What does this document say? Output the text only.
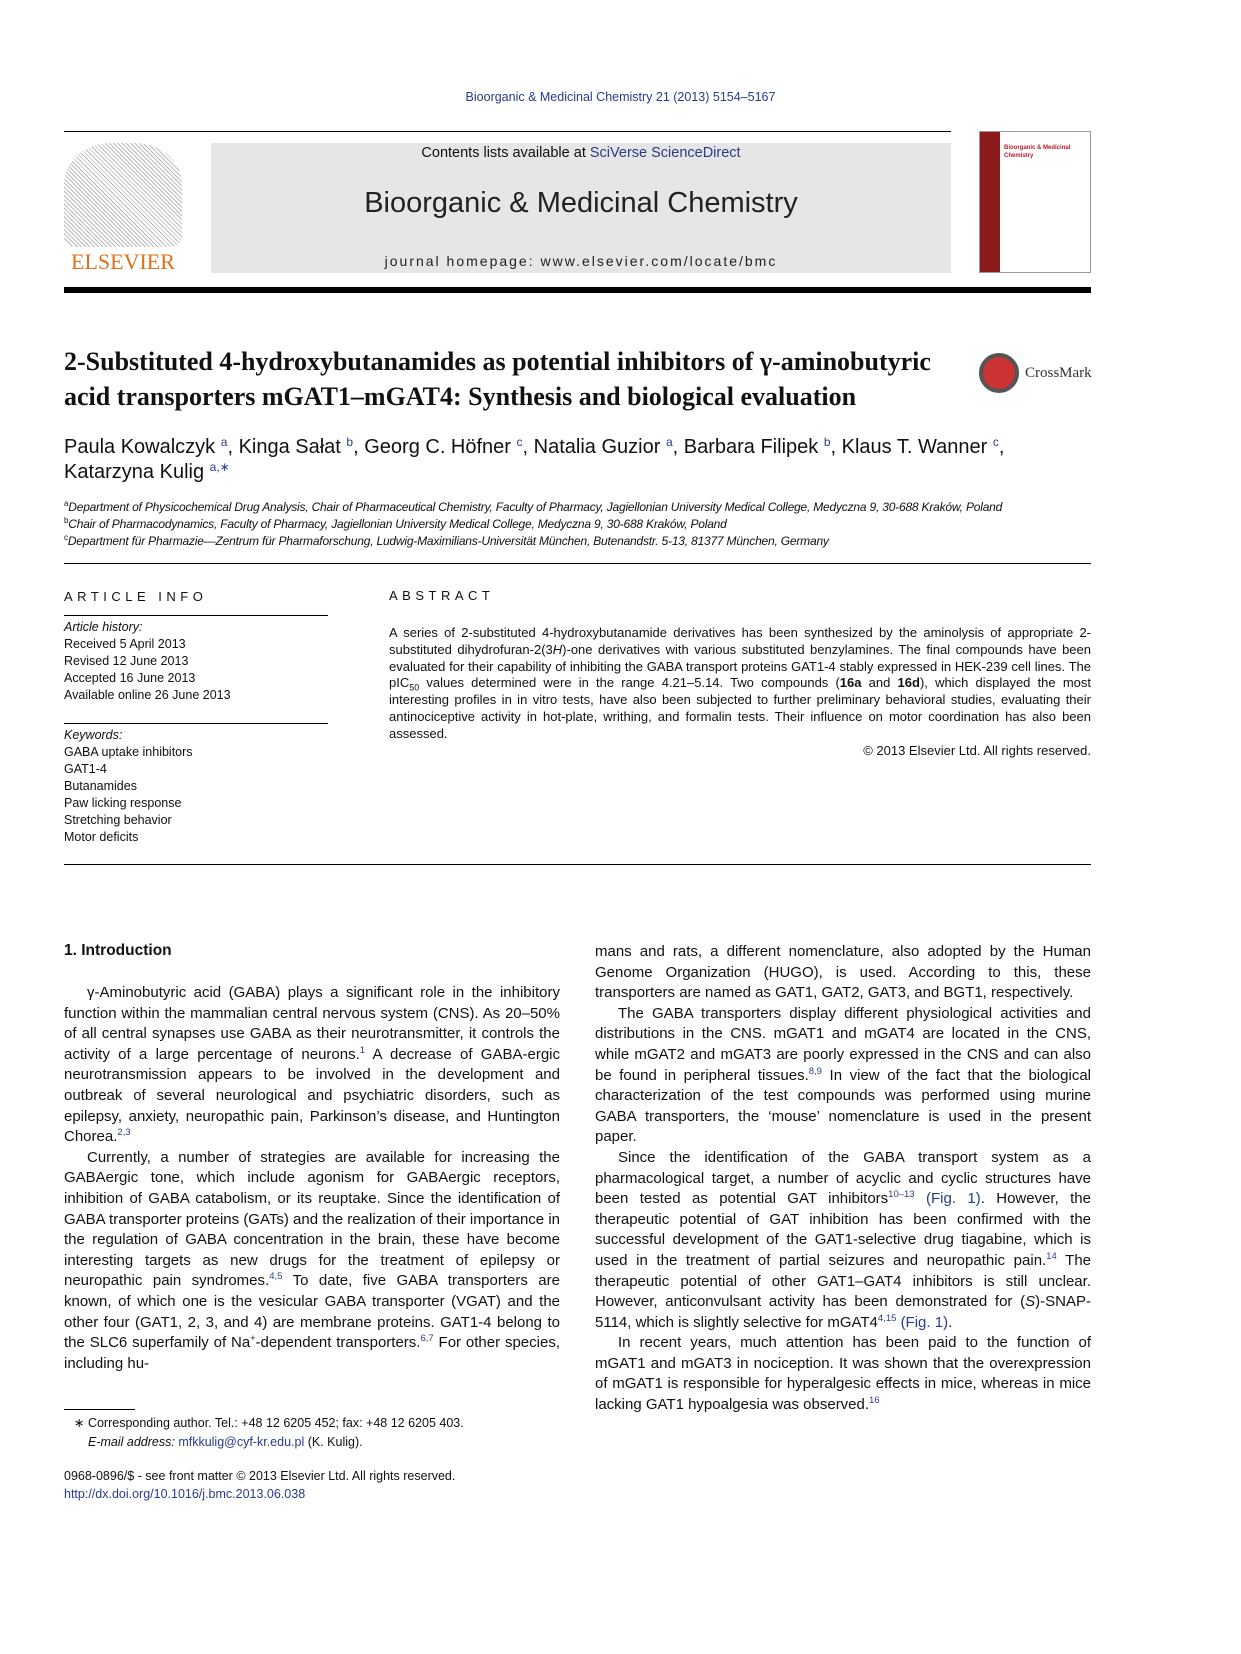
Bioorganic & Medicinal Chemistry 21 (2013) 5154–5167
ELSEVIER
Contents lists available at SciVerse ScienceDirect
Bioorganic & Medicinal Chemistry
journal homepage: www.elsevier.com/locate/bmc
Bioorganic & Medicinal Chemistry
CrossMark
2-Substituted 4-hydroxybutanamides as potential inhibitors of γ-aminobutyric acid transporters mGAT1–mGAT4: Synthesis and biological evaluation
Paula Kowalczyk $^a$, Kinga Sałat $^b$, Georg C. Höfner $^c$, Natalia Guzior $^a$, Barbara Filipek $^b$, Klaus T. Wanner $^c$,
Katarzyna Kulig $^{a,∗}$
$^a$Department of Physicochemical Drug Analysis, Chair of Pharmaceutical Chemistry, Faculty of Pharmacy, Jagiellonian University Medical College, Medyczna 9, 30-688 Kraków, Poland
$^b$Chair of Pharmacodynamics, Faculty of Pharmacy, Jagiellonian University Medical College, Medyczna 9, 30-688 Kraków, Poland
$^c$Department für Pharmazie—Zentrum für Pharmaforschung, Ludwig-Maximilians-Universität München, Butenandstr. 5-13, 81377 München, Germany
ARTICLE INFO
Article history:
Received 5 April 2013
Revised 12 June 2013
Accepted 16 June 2013
Available online 26 June 2013
Keywords:
GABA uptake inhibitors
GAT1-4
Butanamides
Paw licking response
Stretching behavior
Motor deficits
ABSTRACT
A series of 2-substituted 4-hydroxybutanamide derivatives has been synthesized by the aminolysis of appropriate 2-substituted dihydrofuran-2(3H)-one derivatives with various substituted benzylamines. The final compounds have been evaluated for their capability of inhibiting the GABA transport proteins GAT1-4 stably expressed in HEK-239 cell lines. The pIC$_{50}$ values determined were in the range 4.21–5.14. Two compounds (16a and 16d), which displayed the most interesting profiles in in vitro tests, have also been subjected to further preliminary behavioral studies, evaluating their antinociceptive activity in hot-plate, writhing, and formalin tests. Their influence on motor coordination has also been assessed.
© 2013 Elsevier Ltd. All rights reserved.
1. Introduction

γ-Aminobutyric acid (GABA) plays a significant role in the inhibitory function within the mammalian central nervous system (CNS). As 20–50% of all central synapses use GABA as their neurotransmitter, it controls the activity of a large percentage of neurons.$^1$ A decrease of GABA-ergic neurotransmission appears to be involved in the development and outbreak of several neurological and psychiatric disorders, such as epilepsy, anxiety, neuropathic pain, Parkinson’s disease, and Huntington Chorea.$^{2,3}$

Currently, a number of strategies are available for increasing the GABAergic tone, which include agonism for GABAergic receptors, inhibition of GABA catabolism, or its reuptake. Since the identification of GABA transporter proteins (GATs) and the realization of their importance in the regulation of GABA concentration in the brain, these have become interesting targets as new drugs for the treatment of epilepsy or neuropathic pain syndromes.$^{4,5}$ To date, five GABA transporters are known, of which one is the vesicular GABA transporter (VGAT) and the other four (GAT1, 2, 3, and 4) are membrane proteins. GAT1-4 belong to the SLC6 superfamily of Na+-dependent transporters.$^{6,7}$ For other species, including hu-

∗ Corresponding author. Tel.: +48 12 6205 452; fax: +48 12 6205 403.
E-mail address: mfkkulig@cyf-kr.edu.pl (K. Kulig).
0968-0896/$ - see front matter © 2013 Elsevier Ltd. All rights reserved.
http://dx.doi.org/10.1016/j.bmc.2013.06.038

mans and rats, a different nomenclature, also adopted by the Human Genome Organization (HUGO), is used. According to this, these transporters are named as GAT1, GAT2, GAT3, and BGT1, respectively.

The GABA transporters display different physiological activities and distributions in the CNS. mGAT1 and mGAT4 are located in the CNS, while mGAT2 and mGAT3 are poorly expressed in the CNS and can also be found in peripheral tissues.$^{8,9}$ In view of the fact that the biological characterization of the test compounds was performed using murine GABA transporters, the ‘mouse’ nomenclature is used in the present paper.

Since the identification of the GABA transport system as a pharmacological target, a number of acyclic and cyclic structures have been tested as potential GAT inhibitors$^{10-13}$ (Fig. 1). However, the therapeutic potential of GAT inhibition has been confirmed with the successful development of the GAT1-selective drug tiagabine, which is used in the treatment of partial seizures and neuropathic pain.$^{14}$ The therapeutic potential of other GAT1–GAT4 inhibitors is still unclear. However, anticonvulsant activity has been demonstrated for (S)-SNAP-5114, which is slightly selective for mGAT4$^{4,15}$ (Fig. 1).

In recent years, much attention has been paid to the function of mGAT1 and mGAT3 in nociception. It was shown that the overexpression of mGAT1 is responsible for hyperalgesic effects in mice, whereas in mice lacking GAT1 hypoalgesia was observed.$^{16}$
